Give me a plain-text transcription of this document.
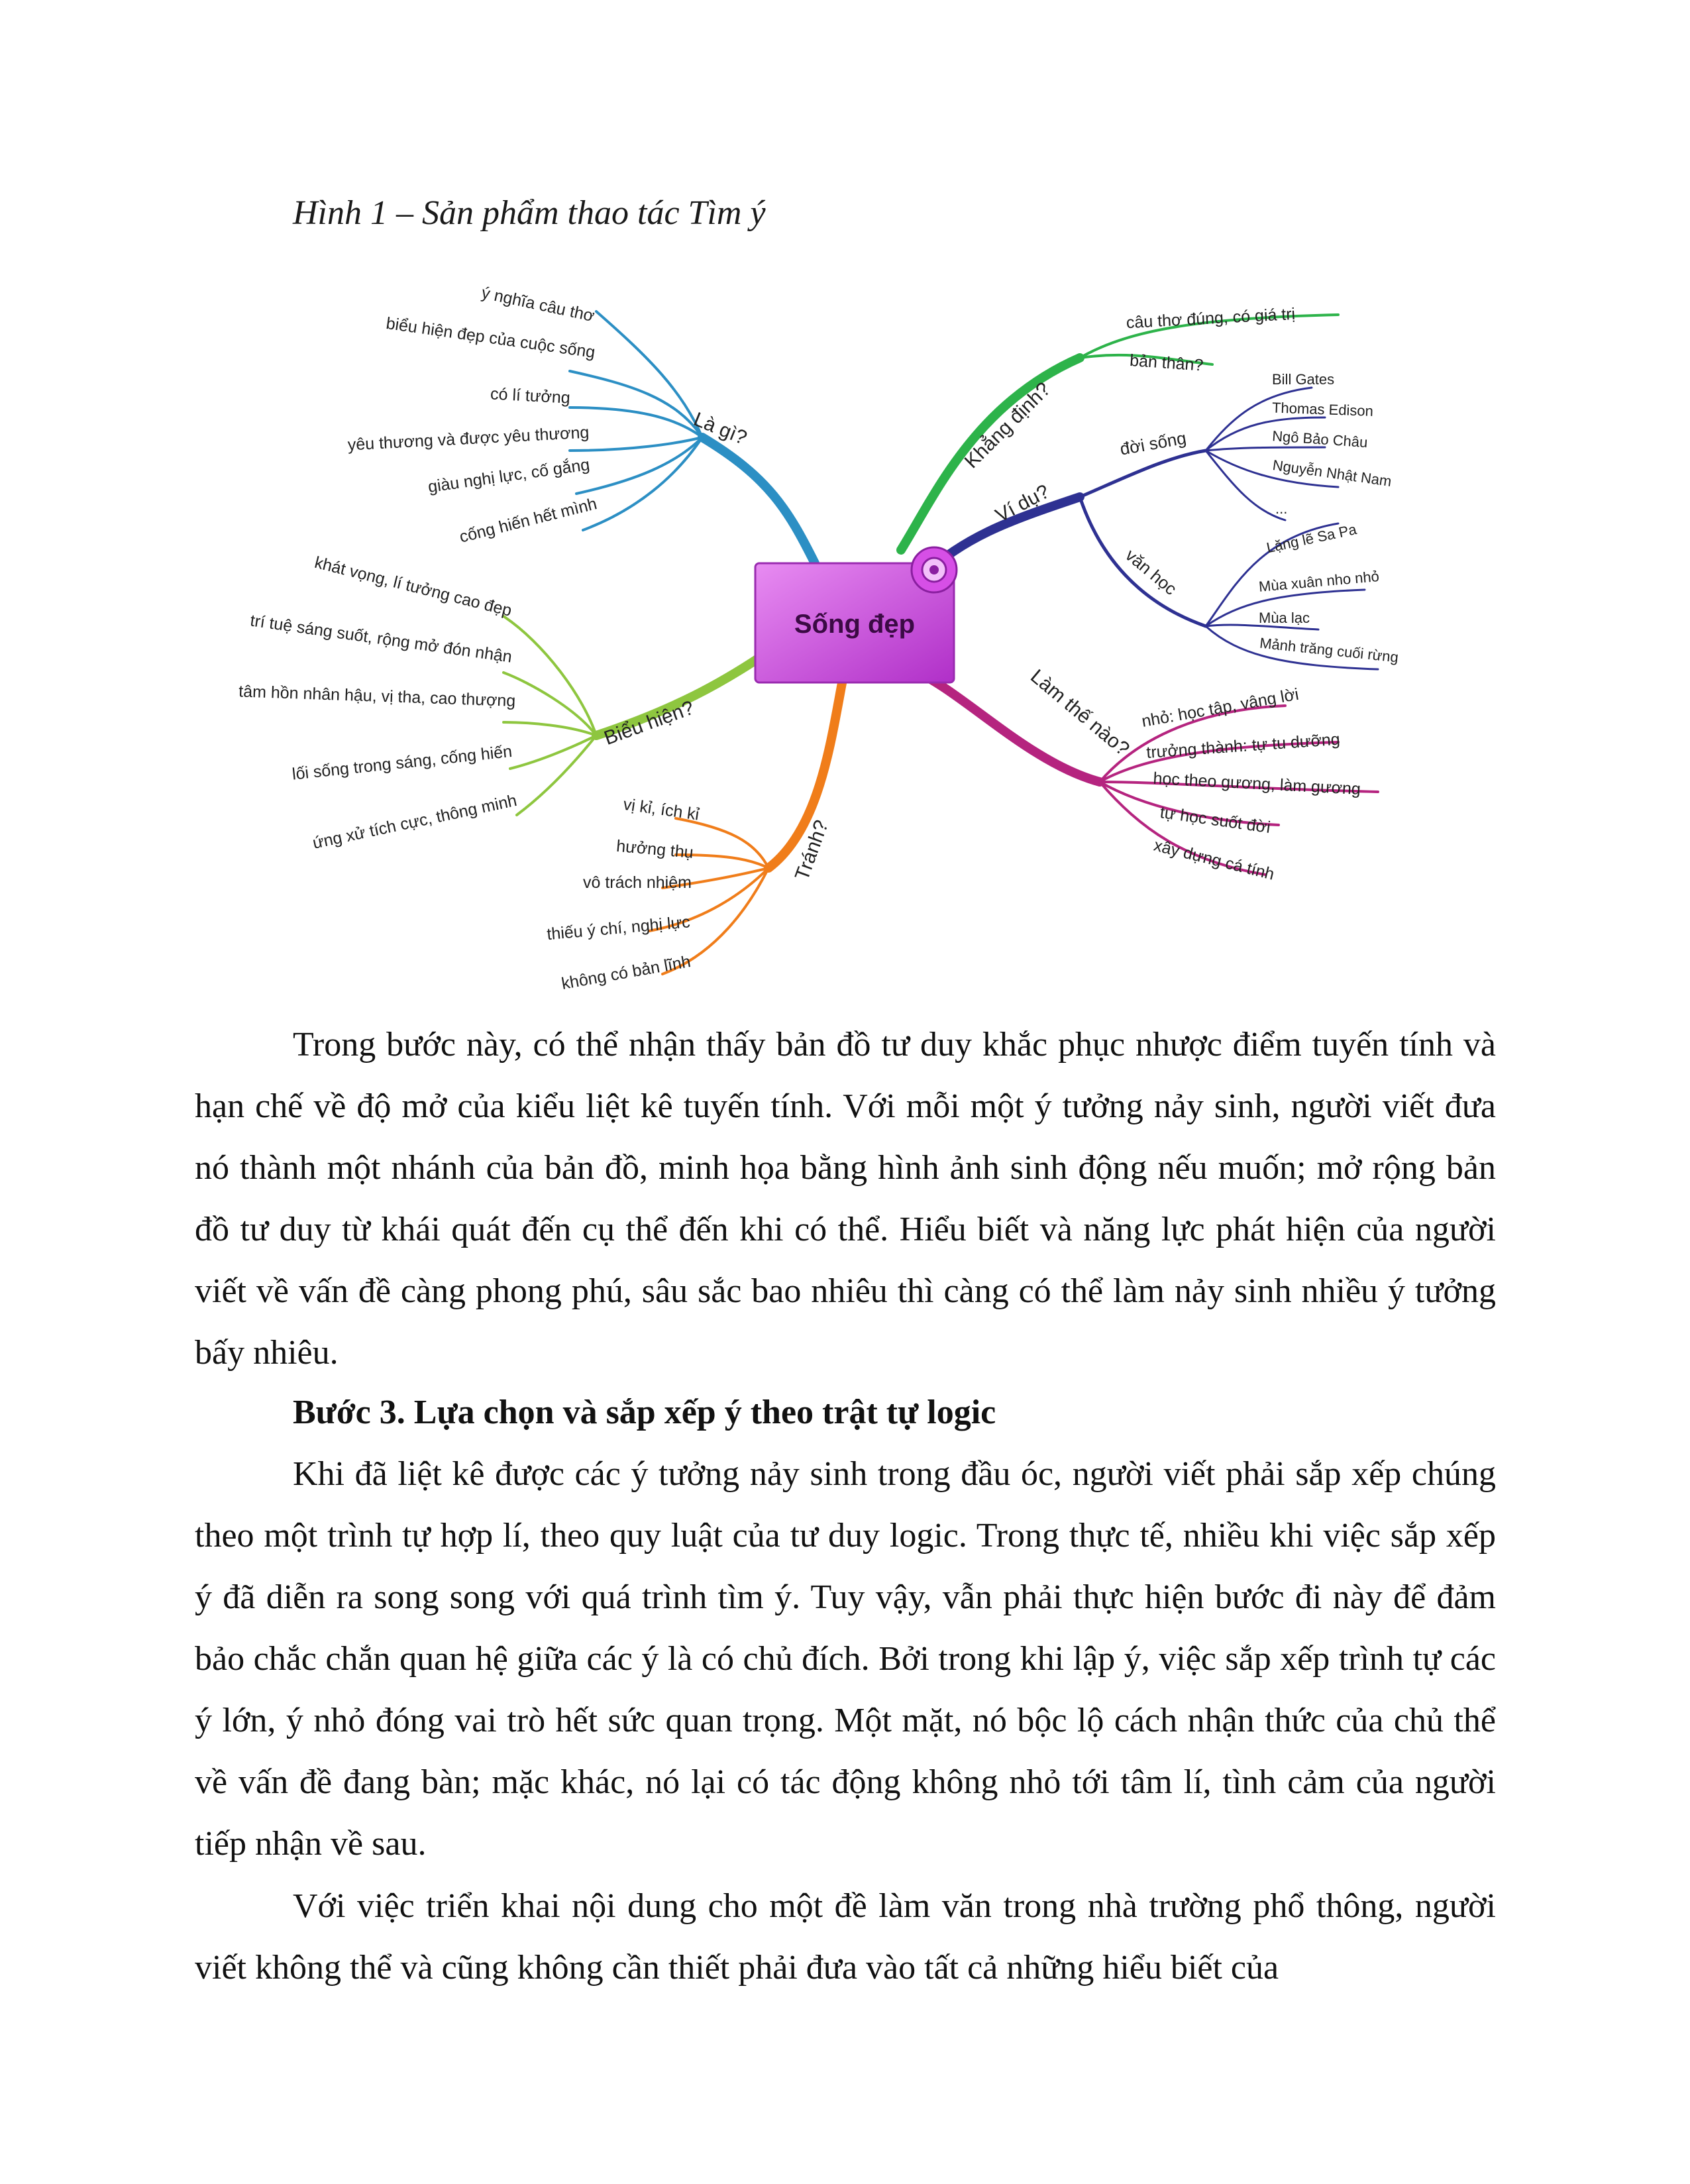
Hình 1 – Sản phẩm thao tác Tìm ý
Là gì?
ý nghĩa câu thơ
biểu hiện đẹp của cuộc sống
có lí tưởng
yêu thương và được yêu thương
giàu nghị lực, cố gắng
cống hiến hết mình
Biểu hiện?
khát vọng, lí tưởng cao đẹp
trí tuệ sáng suốt, rộng mở đón nhận
tâm hồn nhân hậu, vị tha, cao thượng
lối sống trong sáng, cống hiến
ứng xử tích cực, thông minh	Tránh?
vị kỉ, ích kỉ
hưởng thụ
vô trách nhiệm
thiếu ý chí, nghị lực
không có bản lĩnh
Khẳng định?
câu thơ đúng, có giá trị
bản thân?
Ví dụ?
đời sống
văn học
Bill Gates
Thomas Edison
Ngô Bảo Châu
Nguyễn Nhật Nam
...
Lặng lẽ Sa Pa
Mùa xuân nho nhỏ
Mùa lạc
Mảnh trăng cuối rừng
Làm thế nào? nhỏ: học tập, vâng lời
trưởng thành: tự tu dưỡng
học theo gương, làm gương
tự học suốt đời
xây dựng cá tính
Sống đẹp

Trong bước này, có thể nhận thấy bản đồ tư duy khắc phục nhược điểm tuyến tính và hạn chế về độ mở của kiểu liệt kê tuyến tính. Với mỗi một ý tưởng nảy sinh, người viết đưa nó thành một nhánh của bản đồ, minh họa bằng hình ảnh sinh động nếu muốn; mở rộng bản đồ tư duy từ khái quát đến cụ thể đến khi có thể. Hiểu biết và năng lực phát hiện của người viết về vấn đề càng phong phú, sâu sắc bao nhiêu thì càng có thể làm nảy sinh nhiều ý tưởng bấy nhiêu.

Bước 3. Lựa chọn và sắp xếp ý theo trật tự logic

Khi đã liệt kê được các ý tưởng nảy sinh trong đầu óc, người viết phải sắp xếp chúng theo một trình tự hợp lí, theo quy luật của tư duy logic. Trong thực tế, nhiều khi việc sắp xếp ý đã diễn ra song song với quá trình tìm ý. Tuy vậy, vẫn phải thực hiện bước đi này để đảm bảo chắc chắn quan hệ giữa các ý là có chủ đích. Bởi trong khi lập ý, việc sắp xếp trình tự các ý lớn, ý nhỏ đóng vai trò hết sức quan trọng. Một mặt, nó bộc lộ cách nhận thức của chủ thể về vấn đề đang bàn; mặc khác, nó lại có tác động không nhỏ tới tâm lí, tình cảm của người tiếp nhận về sau.

Với việc triển khai nội dung cho một đề làm văn trong nhà trường phổ thông, người viết không thể và cũng không cần thiết phải đưa vào tất cả những hiểu biết của
